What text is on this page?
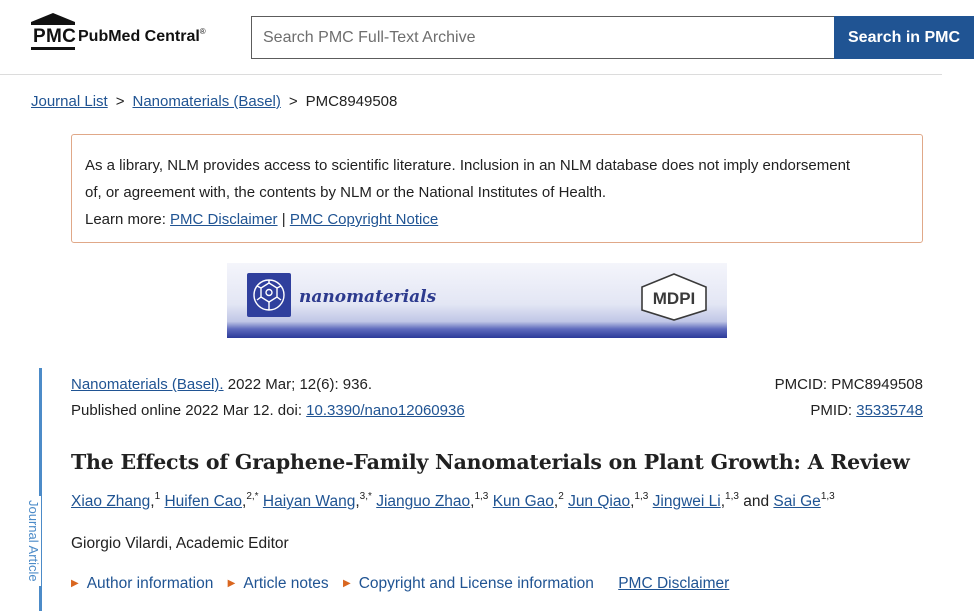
PMC PubMed Central®
Search PMC Full-Text Archive	Search in PMC
Journal List > Nanomaterials (Basel) > PMC8949508

As a library, NLM provides access to scientific literature. Inclusion in an NLM database does not imply endorsement

of, or agreement with, the contents by NLM or the National Institutes of Health.

Learn more: PMC Disclaimer | PMC Copyright Notice

nanomaterials	MDPI
Journal Article
Nanomaterials (Basel). 2022 Mar; 12(6): 936.
Published online 2022 Mar 12. doi: 10.3390/nano12060936
PMCID: PMC8949508
PMID: 35335748
The Effects of Graphene-Family Nanomaterials on Plant Growth: A Review
Xiao Zhang,$^1$ Huifen Cao,$^{2,*}$ Haiyan Wang,$^{3,*}$ Jianguo Zhao,$^{1,3}$ Kun Gao,$^2$ Jun Qiao,$^{1,3}$ Jingwei Li,$^{1,3}$ and Sai Ge$^{1,3}$
Giorgio Vilardi, Academic Editor
▶ Author information ▶ Article notes ▶ Copyright and License information PMC Disclaimer
